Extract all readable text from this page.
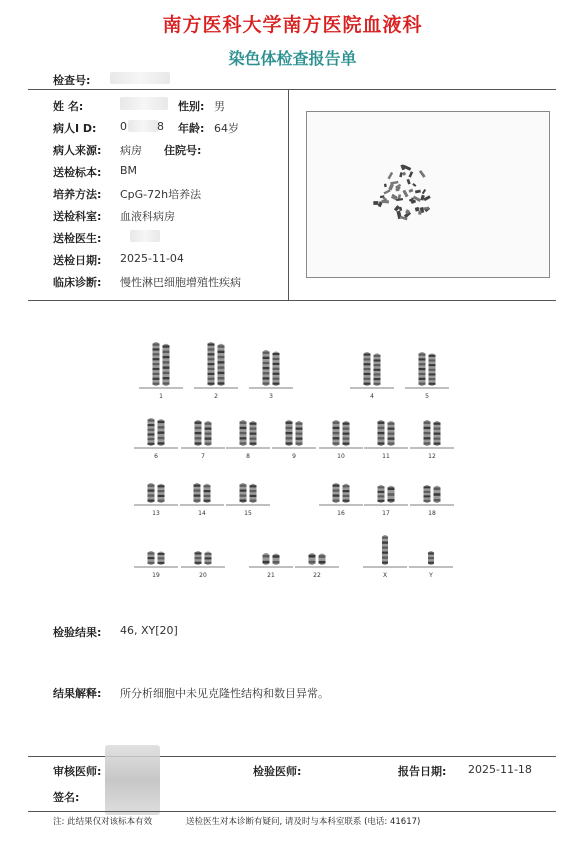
南方医科大学南方医院血液科
染色体检查报告单
检查号:
姓 名:	性别: 男
病人I D: 0	8 年龄: 64岁
病人来源: 病房 住院号:
送检标本: BM
培养方法: CpG-72h培养法
送检科室: 血液科病房
送检医生:
送检日期: 2025-11-04
临床诊断: 慢性淋巴细胞增殖性疾病
1	2	3	4	5
6	7	8	9	10	11	12
13	14	15	16	17	18
19	20	21	22	X	Y
检验结果: 46, XY[20]
结果解释: 所分析细胞中未见克隆性结构和数目异常。
审核医师:	检验医师:	报告日期: 2025-11-18
签名:
注: 此结果仅对该标本有效	送检医生对本诊断有疑问, 请及时与本科室联系 (电话: 41617)
